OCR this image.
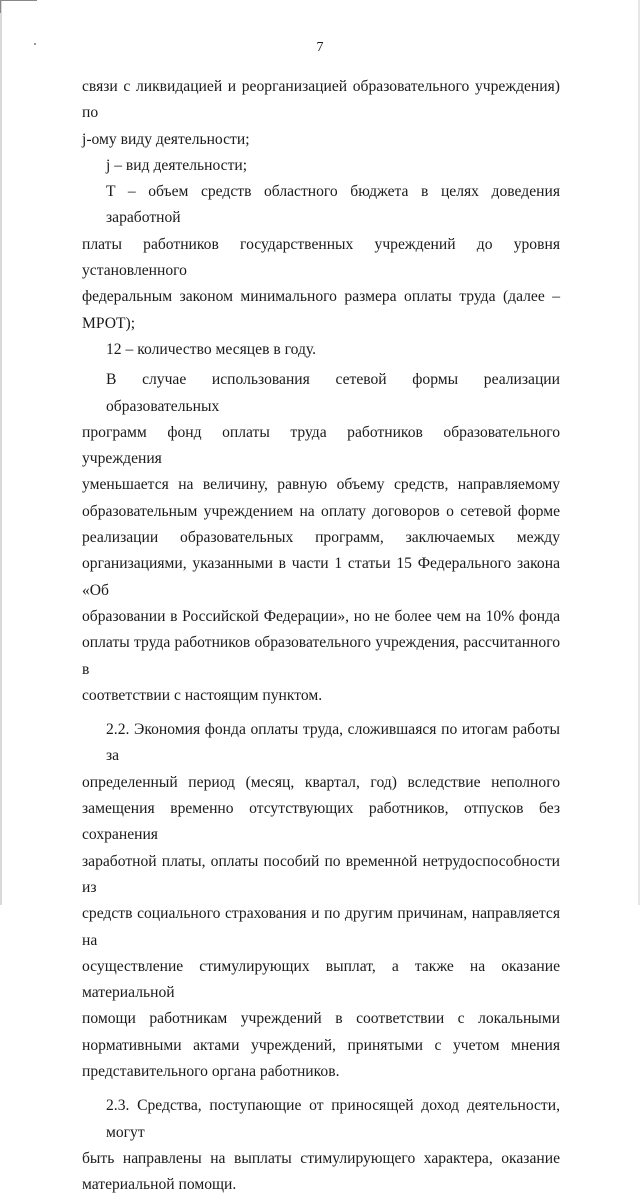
7

связи с ликвидацией и реорганизацией образовательного учреждения) по

j-ому виду деятельности;

j – вид деятельности;

T – объем средств областного бюджета в целях доведения заработной

платы работников государственных учреждений до уровня установленного

федеральным законом минимального размера оплаты труда (далее –

МРОТ);

12 – количество месяцев в году.

В случае использования сетевой формы реализации образовательных

программ фонд оплаты труда работников образовательного учреждения

уменьшается на величину, равную объему средств, направляемому

образовательным учреждением на оплату договоров о сетевой форме

реализации образовательных программ, заключаемых между

организациями, указанными в части 1 статьи 15 Федерального закона «Об

образовании в Российской Федерации», но не более чем на 10% фонда

оплаты труда работников образовательного учреждения, рассчитанного в

соответствии с настоящим пунктом.

2.2. Экономия фонда оплаты труда, сложившаяся по итогам работы за

определенный период (месяц, квартал, год) вследствие неполного

замещения временно отсутствующих работников, отпусков без сохранения

заработной платы, оплаты пособий по временной нетрудоспособности из

средств социального страхования и по другим причинам, направляется на

осуществление стимулирующих выплат, а также на оказание материальной

помощи работникам учреждений в соответствии с локальными

нормативными актами учреждений, принятыми с учетом мнения

представительного органа работников.

2.3. Средства, поступающие от приносящей доход деятельности, могут

быть направлены на выплаты стимулирующего характера, оказание

материальной помощи.
